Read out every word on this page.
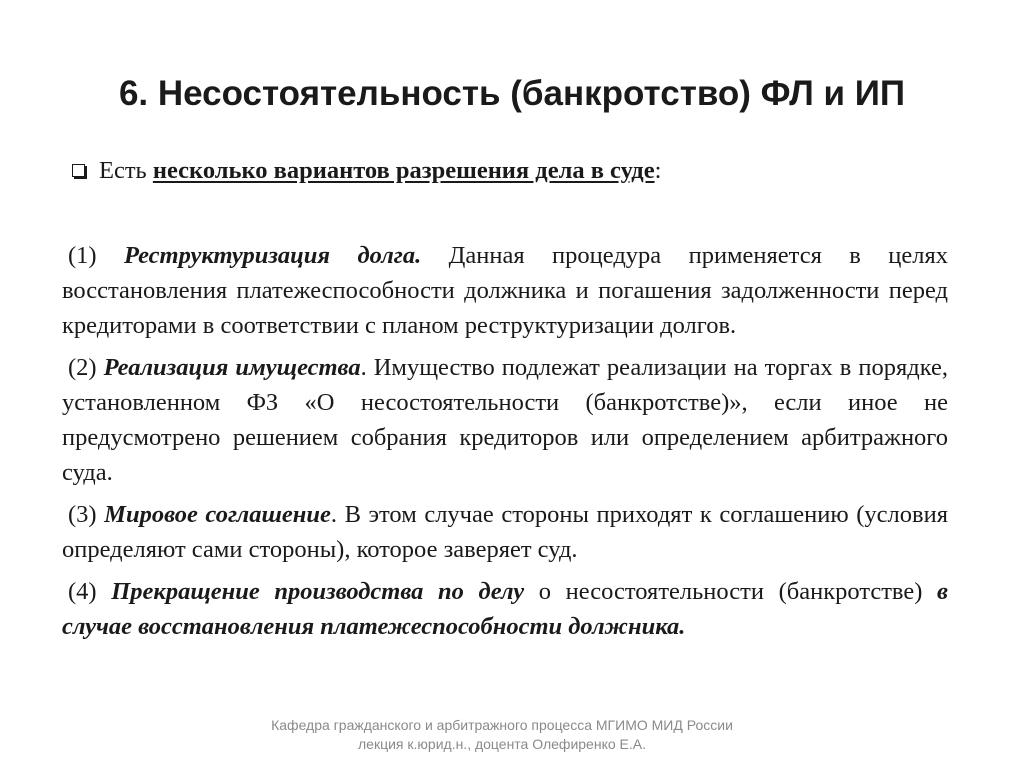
6. Несостоятельность (банкротство) ФЛ и ИП
Есть несколько вариантов разрешения дела в суде:

(1) Реструктуризация долга. Данная процедура применяется в целях восстановления платежеспособности должника и погашения задолженности перед кредиторами в соответствии с планом реструктуризации долгов.

(2) Реализация имущества. Имущество подлежат реализации на торгах в порядке, установленном ФЗ «О несостоятельности (банкротстве)», если иное не предусмотрено решением собрания кредиторов или определением арбитражного суда.

(3) Мировое соглашение. В этом случае стороны приходят к соглашению (условия определяют сами стороны), которое заверяет суд.

(4) Прекращение производства по делу о несостоятельности (банкротстве) в случае восстановления платежеспособности должника.

Кафедра гражданского и арбитражного процесса МГИМО МИД России
лекция к.юрид.н., доцента Олефиренко Е.А.
